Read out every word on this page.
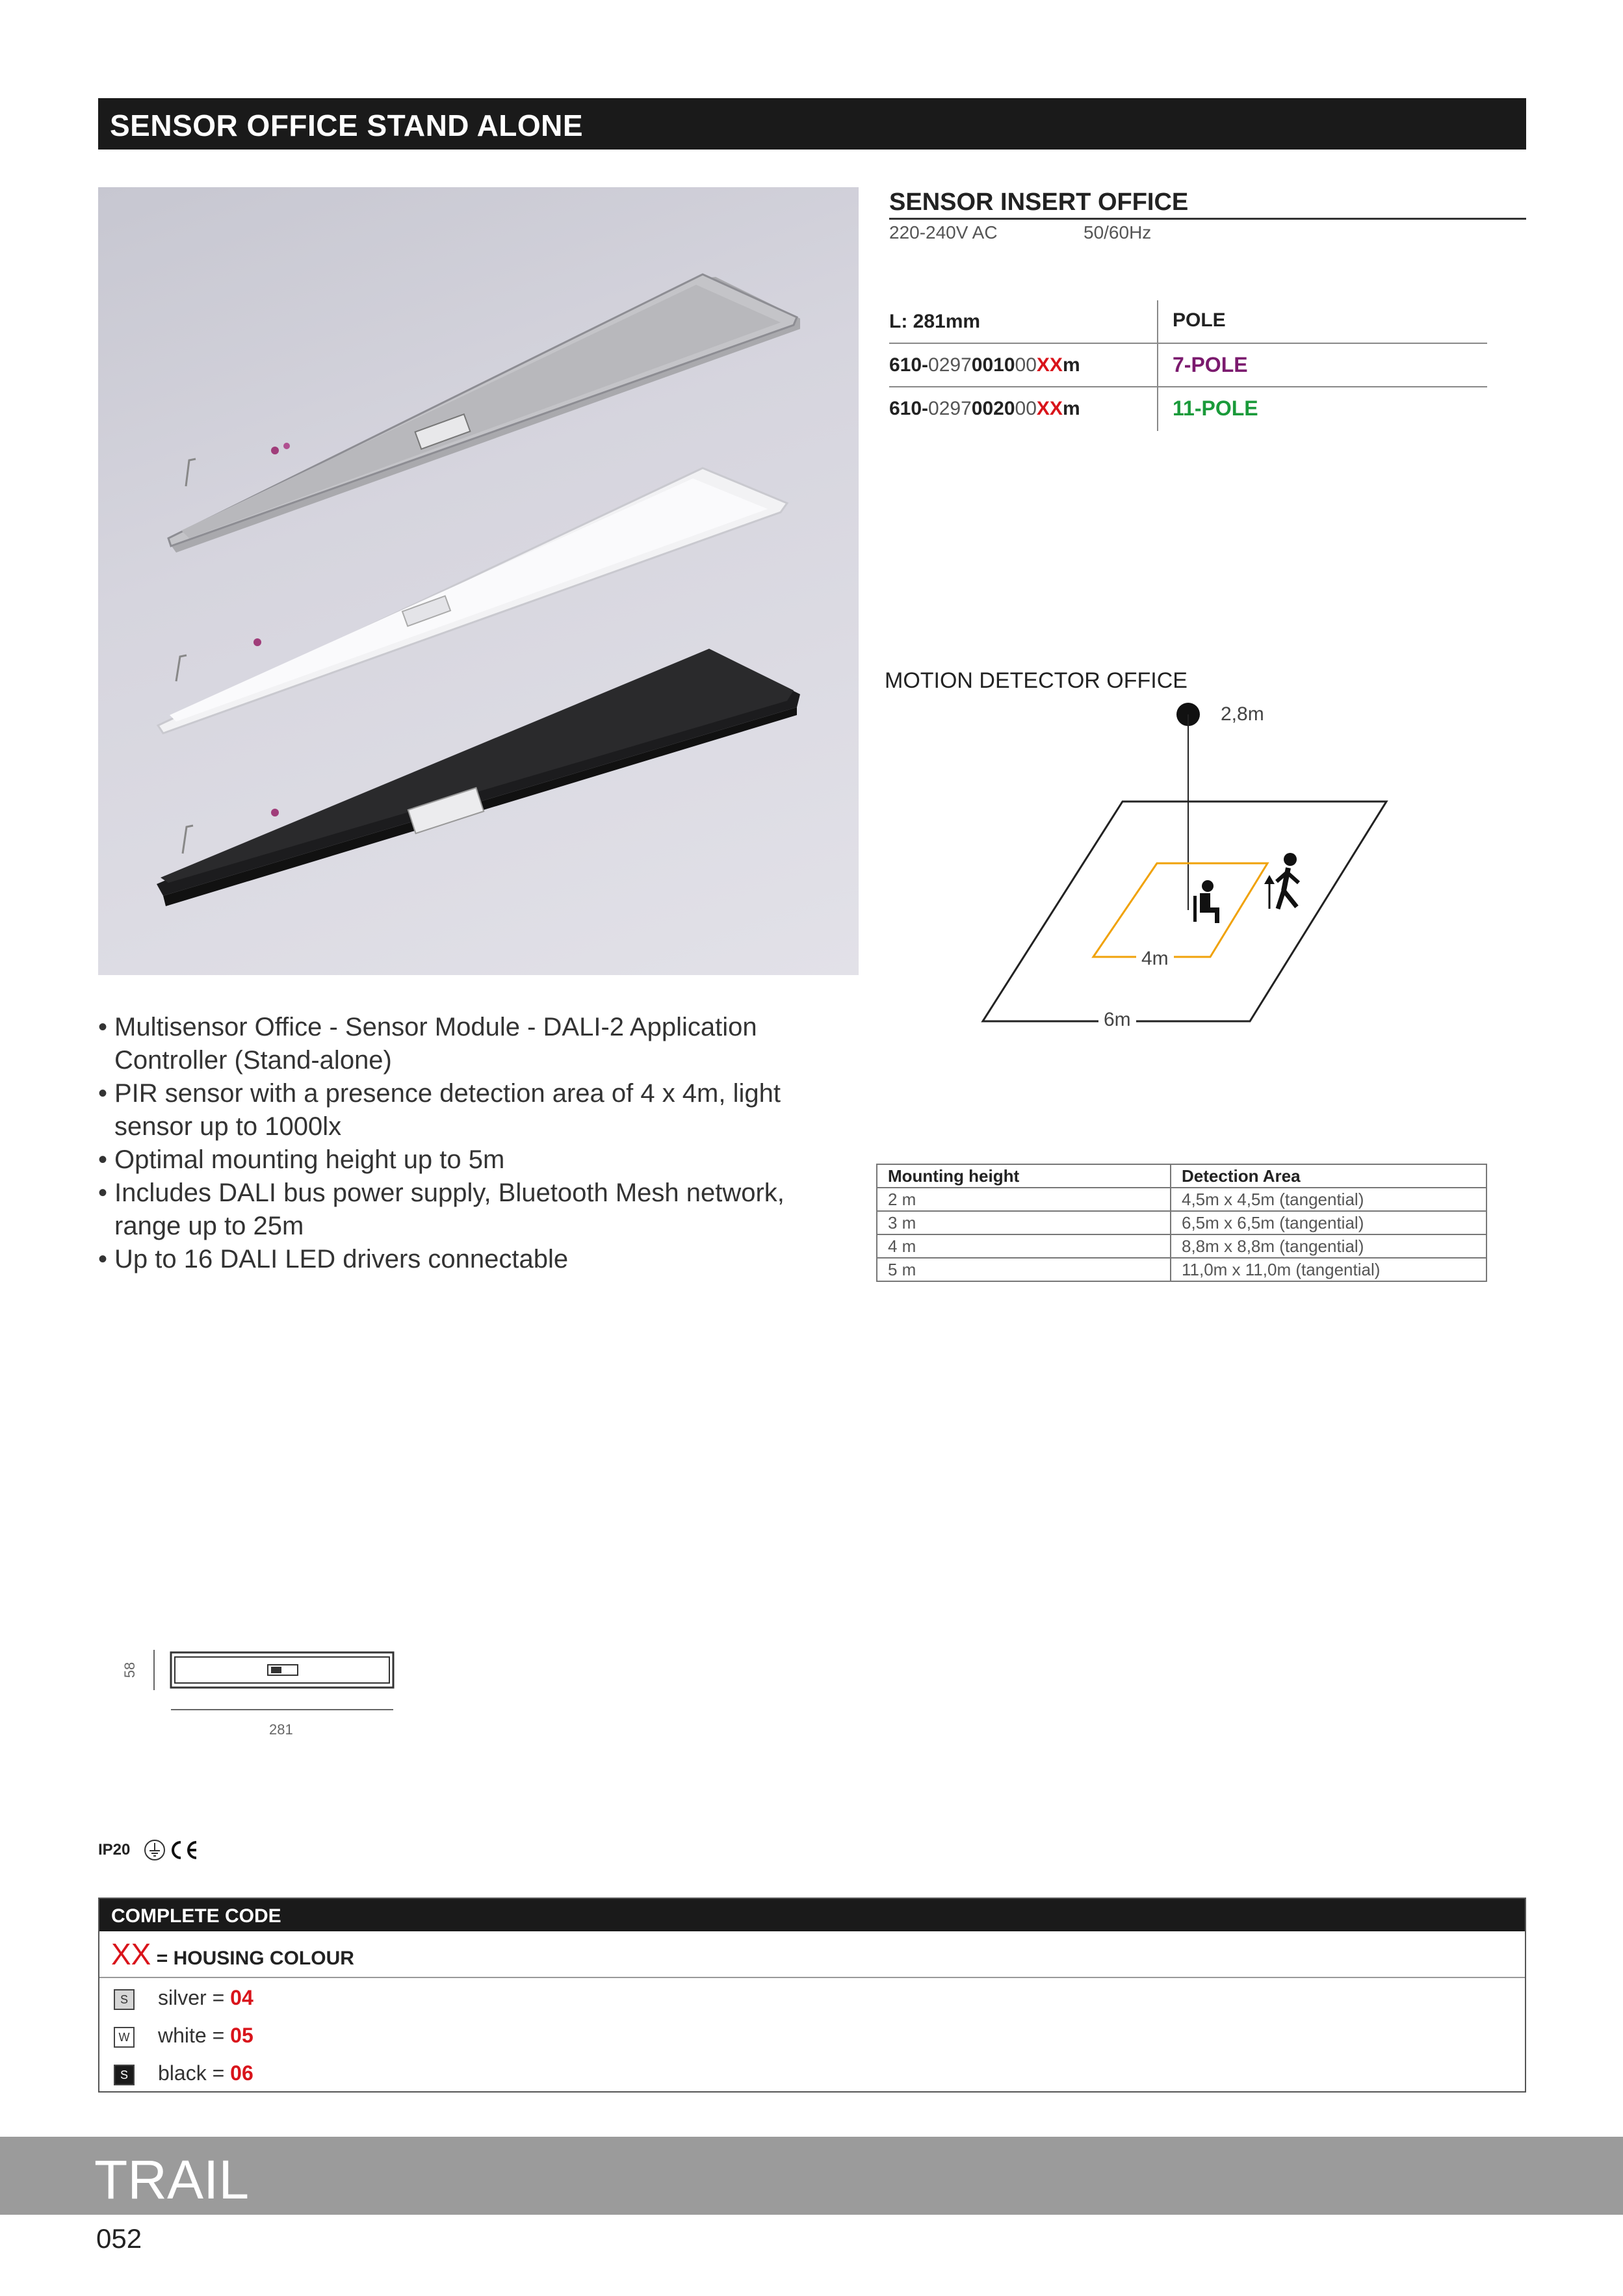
SENSOR OFFICE STAND ALONE
SENSOR INSERT OFFICE
220-240V AC	50/60Hz
L: 281mm	POLE
610-0297001000XXm	7-POLE
610-0297002000XXm	11-POLE
MOTION DETECTOR OFFICE
2,8m
4m
6m
• Multisensor Office - Sensor Module - DALI-2 Application Controller (Stand-alone)
• PIR sensor with a presence detection area of 4 x 4m, light sensor up to 1000lx
• Optimal mounting height up to 5m
• Includes DALI bus power supply, Bluetooth Mesh network, range up to 25m
• Up to 16 DALI LED drivers connectable
Mounting height	Detection Area
2 m	4,5m x 4,5m (tangential)
3 m	6,5m x 6,5m (tangential)
4 m	8,8m x 8,8m (tangential)
5 m	11,0m x 11,0m (tangential)
58
281
IP20
COMPLETE CODE
XX = HOUSING COLOUR
S silver = 04
W white = 05
S black = 06
TRAIL
052
